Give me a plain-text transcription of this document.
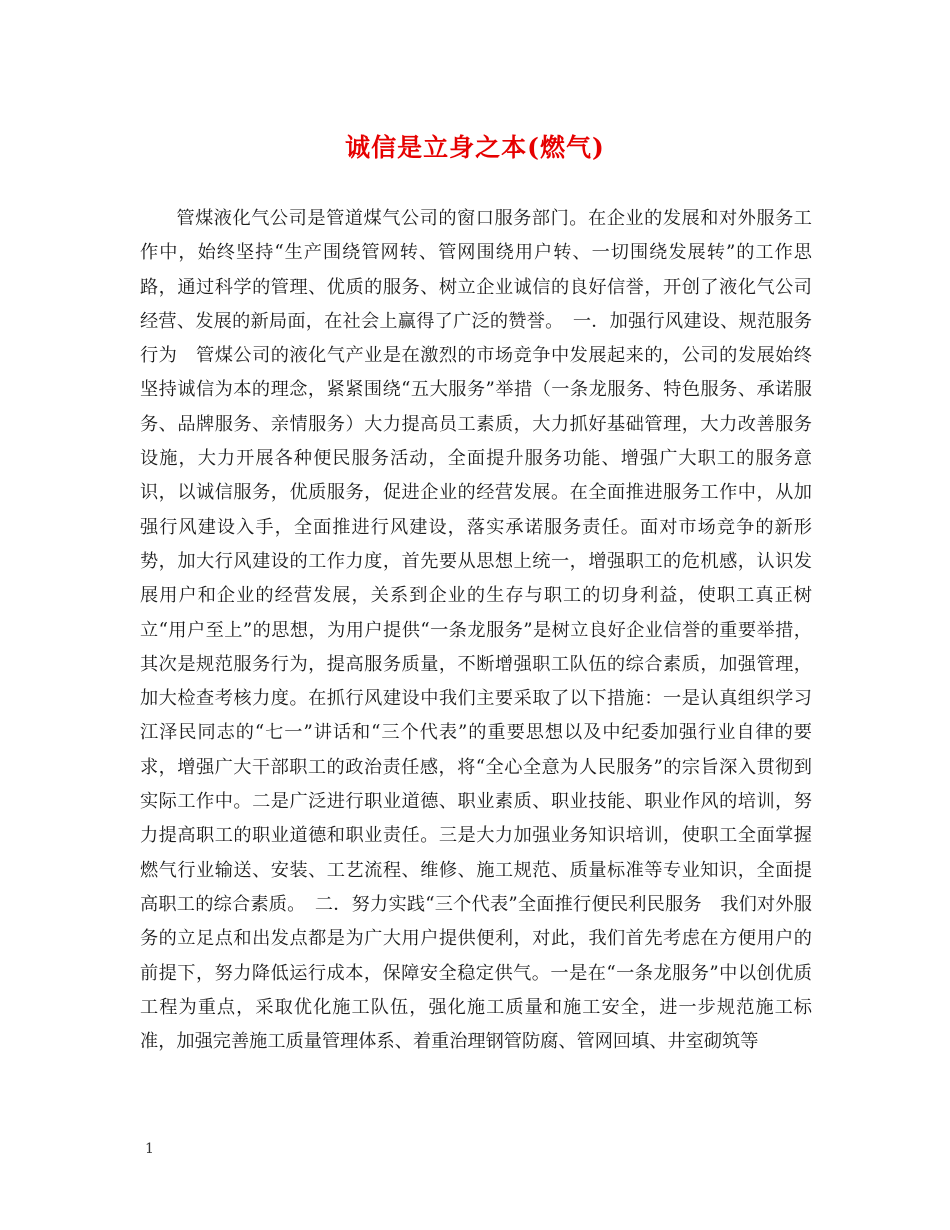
诚信是立身之本(燃气)

管煤液化气公司是管道煤气公司的窗口服务部门。在企业的发展和对外服务工作中，始终坚持“生产围绕管网转、管网围绕用户转、一切围绕发展转”的工作思路，通过科学的管理、优质的服务、树立企业诚信的良好信誉，开创了液化气公司经营、发展的新局面，在社会上赢得了广泛的赞誉。　一．加强行风建设、规范服务行为　管煤公司的液化气产业是在激烈的市场竞争中发展起来的，公司的发展始终坚持诚信为本的理念，紧紧围绕“五大服务”举措（一条龙服务、特色服务、承诺服务、品牌服务、亲情服务）大力提高员工素质，大力抓好基础管理，大力改善服务设施，大力开展各种便民服务活动，全面提升服务功能、增强广大职工的服务意识，以诚信服务，优质服务，促进企业的经营发展。在全面推进服务工作中，从加强行风建设入手，全面推进行风建设，落实承诺服务责任。面对市场竞争的新形势，加大行风建设的工作力度，首先要从思想上统一，增强职工的危机感，认识发展用户和企业的经营发展，关系到企业的生存与职工的切身利益，使职工真正树立“用户至上”的思想，为用户提供“一条龙服务”是树立良好企业信誉的重要举措，其次是规范服务行为，提高服务质量，不断增强职工队伍的综合素质，加强管理，加大检查考核力度。在抓行风建设中我们主要采取了以下措施：一是认真组织学习江泽民同志的“七一”讲话和“三个代表”的重要思想以及中纪委加强行业自律的要求，增强广大干部职工的政治责任感，将“全心全意为人民服务”的宗旨深入贯彻到实际工作中。二是广泛进行职业道德、职业素质、职业技能、职业作风的培训，努力提高职工的职业道德和职业责任。三是大力加强业务知识培训，使职工全面掌握燃气行业输送、安装、工艺流程、维修、施工规范、质量标准等专业知识，全面提高职工的综合素质。　二．努力实践“三个代表”全面推行便民利民服务　我们对外服务的立足点和出发点都是为广大用户提供便利，对此，我们首先考虑在方便用户的前提下，努力降低运行成本，保障安全稳定供气。一是在“一条龙服务”中以创优质工程为重点，采取优化施工队伍，强化施工质量和施工安全，进一步规范施工标准，加强完善施工质量管理体系、着重治理钢管防腐、管网回填、井室砌筑等

1
